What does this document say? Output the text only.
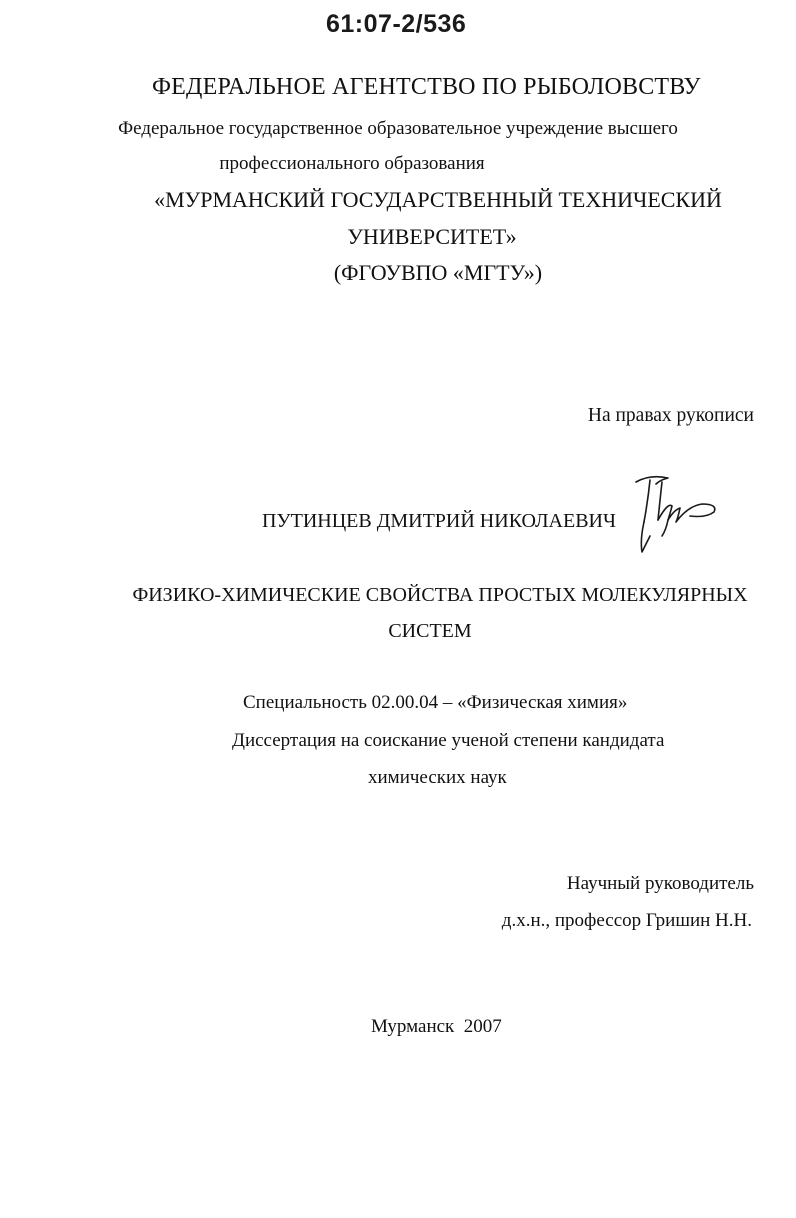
61:07-2/536
ФЕДЕРАЛЬНОЕ АГЕНТСТВО ПО РЫБОЛОВСТВУ
Федеральное государственное образовательное учреждение высшего
профессионального образования
«МУРМАНСКИЙ ГОСУДАРСТВЕННЫЙ ТЕХНИЧЕСКИЙ
УНИВЕРСИТЕТ»
(ФГОУВПО «МГТУ»)
На правах рукописи
ПУТИНЦЕВ ДМИТРИЙ НИКОЛАЕВИЧ
ФИЗИКО-ХИМИЧЕСКИЕ СВОЙСТВА ПРОСТЫХ МОЛЕКУЛЯРНЫХ
СИСТЕМ
Специальность 02.00.04 – «Физическая химия»
Диссертация на соискание ученой степени кандидата
химических наук
Научный руководитель
д.х.н., профессор Гришин Н.Н.
Мурманск  2007
